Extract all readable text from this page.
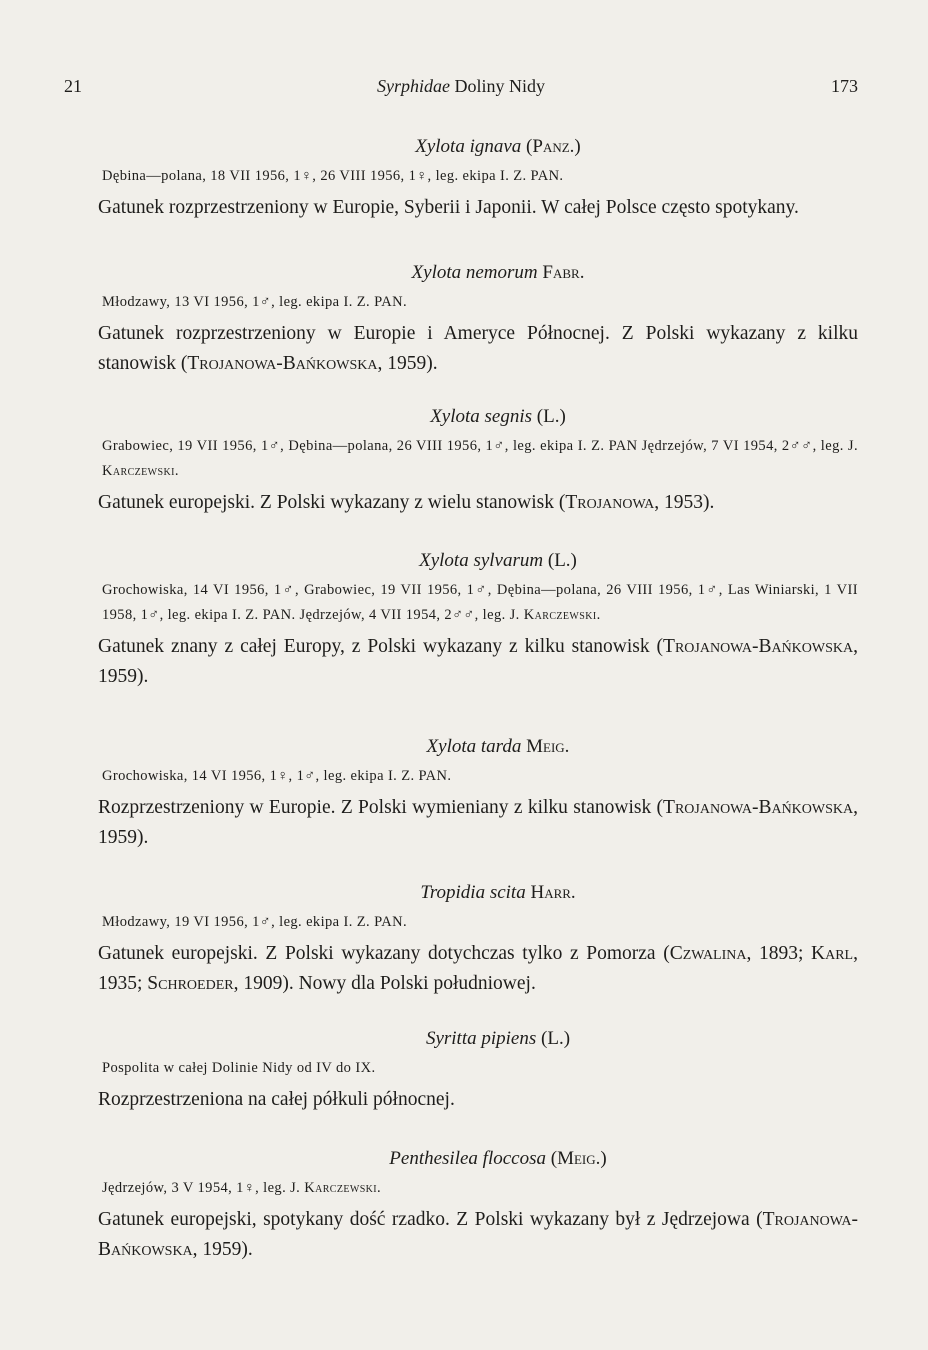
21	Syrphidae Doliny Nidy	173
Xylota ignava (Panz.)
Dębina—polana, 18 VII 1956, 1♀, 26 VIII 1956, 1♀, leg. ekipa I. Z. PAN.
Gatunek rozprzestrzeniony w Europie, Syberii i Japonii. W całej Polsce często spotykany.
Xylota nemorum Fabr.
Młodzawy, 13 VI 1956, 1♂, leg. ekipa I. Z. PAN.
Gatunek rozprzestrzeniony w Europie i Ameryce Północnej. Z Polski wykazany z kilku stanowisk (Trojanowa-Bańkowska, 1959).
Xylota segnis (L.)
Grabowiec, 19 VII 1956, 1♂, Dębina—polana, 26 VIII 1956, 1♂, leg. ekipa I. Z. PAN Jędrzejów, 7 VI 1954, 2♂♂, leg. J. Karczewski.
Gatunek europejski. Z Polski wykazany z wielu stanowisk (Trojanowa, 1953).
Xylota sylvarum (L.)
Grochowiska, 14 VI 1956, 1♂, Grabowiec, 19 VII 1956, 1♂, Dębina—polana, 26 VIII 1956, 1♂, Las Winiarski, 1 VII 1958, 1♂, leg. ekipa I. Z. PAN. Jędrzejów, 4 VII 1954, 2♂♂, leg. J. Karczewski.
Gatunek znany z całej Europy, z Polski wykazany z kilku stanowisk (Trojanowa-Bańkowska, 1959).
Xylota tarda Meig.
Grochowiska, 14 VI 1956, 1♀, 1♂, leg. ekipa I. Z. PAN.
Rozprzestrzeniony w Europie. Z Polski wymieniany z kilku stanowisk (Trojanowa-Bańkowska, 1959).
Tropidia scita Harr.
Młodzawy, 19 VI 1956, 1♂, leg. ekipa I. Z. PAN.
Gatunek europejski. Z Polski wykazany dotychczas tylko z Pomorza (Czwalina, 1893; Karl, 1935; Schroeder, 1909). Nowy dla Polski południowej.
Syritta pipiens (L.)
Pospolita w całej Dolinie Nidy od IV do IX.
Rozprzestrzeniona na całej półkuli północnej.
Penthesilea floccosa (Meig.)
Jędrzejów, 3 V 1954, 1♀, leg. J. Karczewski.
Gatunek europejski, spotykany dość rzadko. Z Polski wykazany był z Jędrzejowa (Trojanowa-Bańkowska, 1959).
